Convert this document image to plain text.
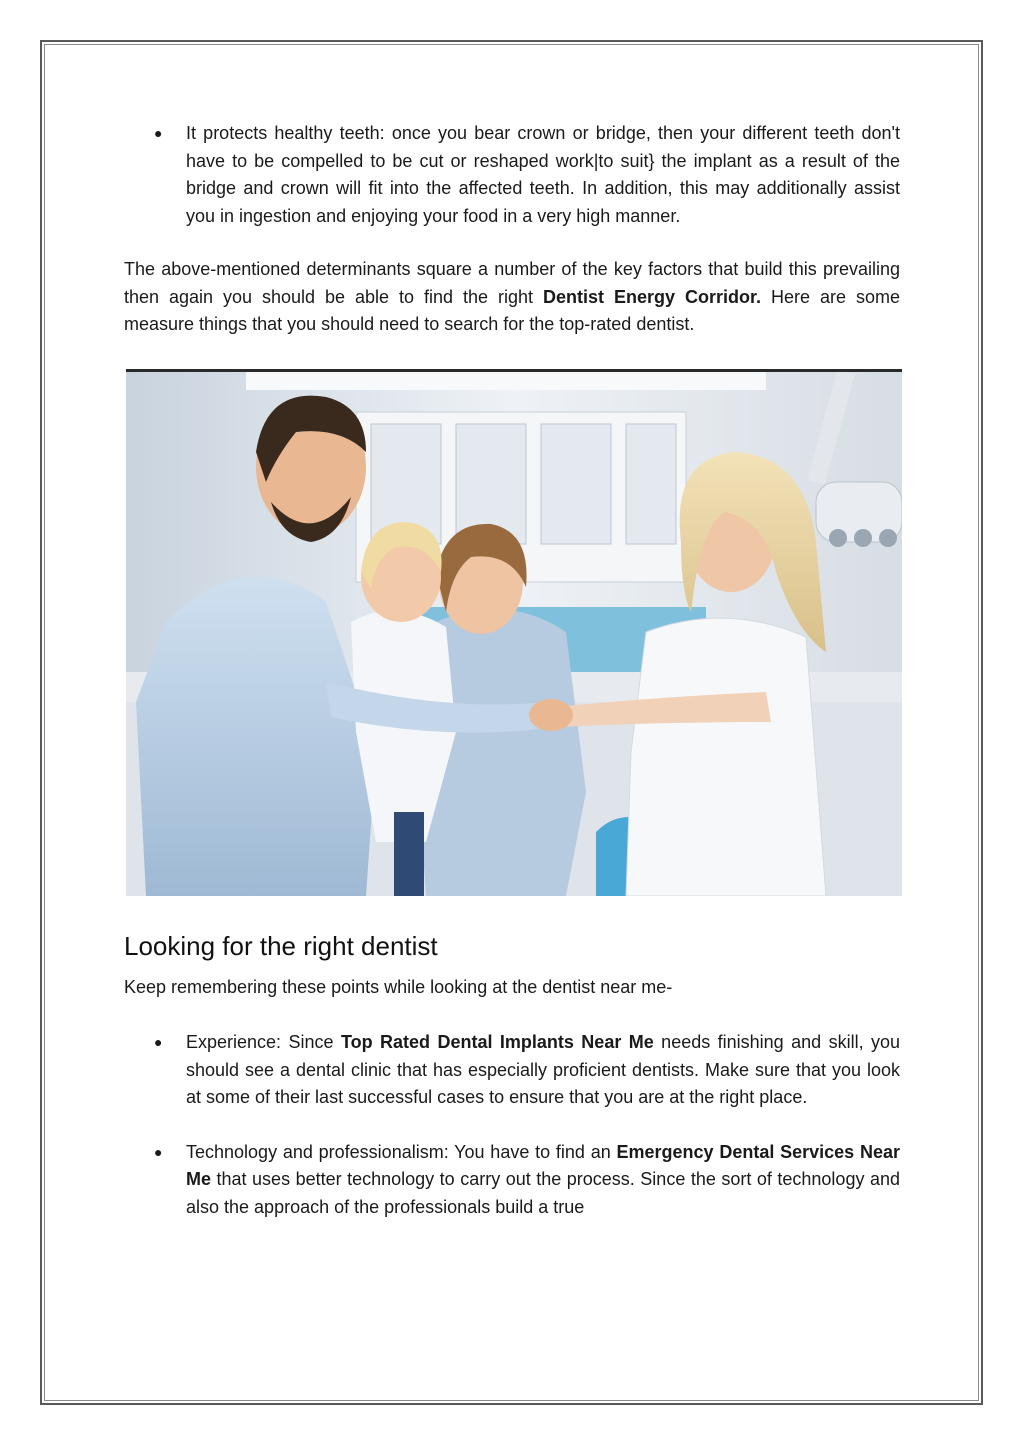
● It protects healthy teeth: once you bear crown or bridge, then your different teeth don't have to be compelled to be cut or reshaped work|to suit} the implant as a result of the bridge and crown will fit into the affected teeth. In addition, this may additionally assist you in ingestion and enjoying your food in a very high manner.

The above-mentioned determinants square a number of the key factors that build this prevailing then again you should be able to find the right Dentist Energy Corridor. Here are some measure things that you should need to search for the top-rated dentist.

Looking for the right dentist

Keep remembering these points while looking at the dentist near me-

● Experience: Since Top Rated Dental Implants Near Me needs finishing and skill, you should see a dental clinic that has especially proficient dentists. Make sure that you look at some of their last successful cases to ensure that you are at the right place.
● Technology and professionalism: You have to find an Emergency Dental Services Near Me that uses better technology to carry out the process. Since the sort of technology and also the approach of the professionals build a true
